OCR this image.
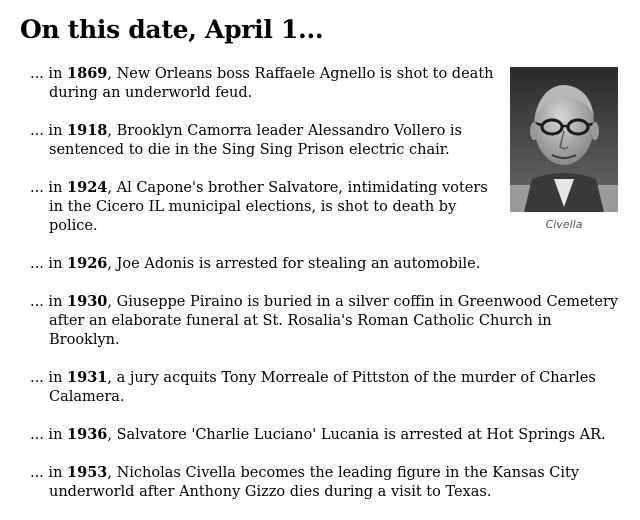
On this date, April 1...
... in 1869, New Orleans boss Raffaele Agnello is shot to death during an underworld feud.
... in 1918, Brooklyn Camorra leader Alessandro Vollero is sentenced to die in the Sing Sing Prison electric chair.
... in 1924, Al Capone's brother Salvatore, intimidating voters in the Cicero IL municipal elections, is shot to death by police.
... in 1926, Joe Adonis is arrested for stealing an automobile.
... in 1930, Giuseppe Piraino is buried in a silver coffin in Greenwood Cemetery after an elaborate funeral at St. Rosalia's Roman Catholic Church in Brooklyn.
... in 1931, a jury acquits Tony Morreale of Pittston of the murder of Charles Calamera.
... in 1936, Salvatore 'Charlie Luciano' Lucania is arrested at Hot Springs AR.
... in 1953, Nicholas Civella becomes the leading figure in the Kansas City underworld after Anthony Gizzo dies during a visit to Texas.
Civella
